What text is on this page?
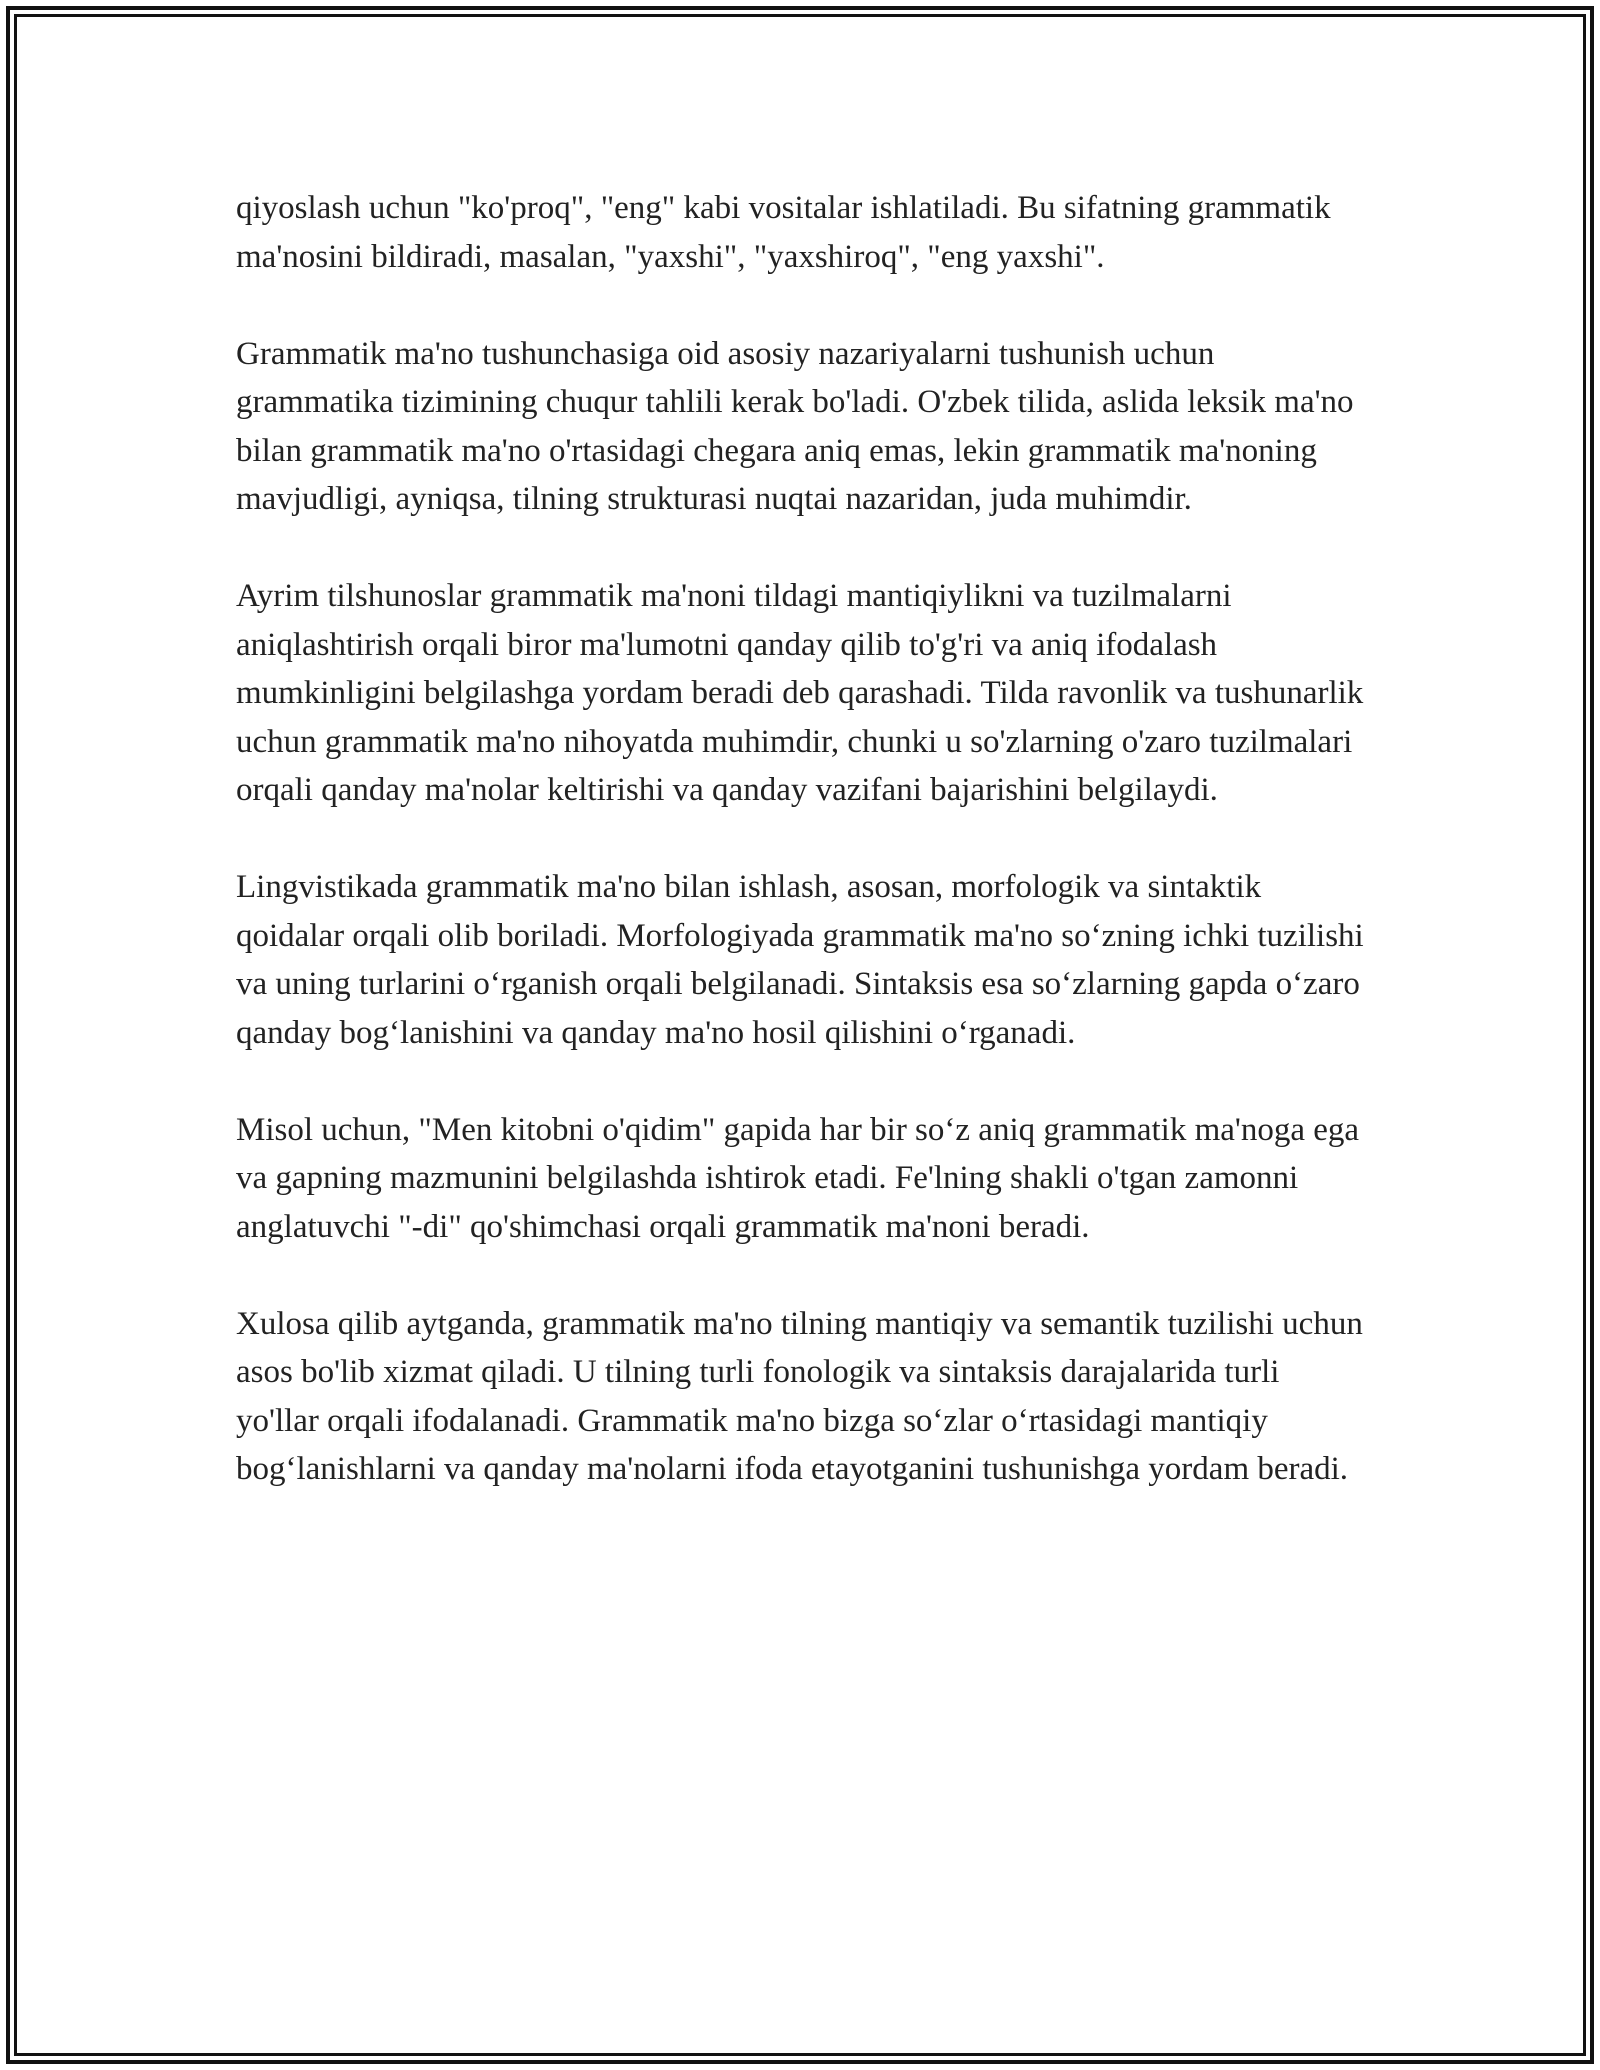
qiyoslash uchun "ko'proq", "eng" kabi vositalar ishlatiladi. Bu sifatning grammatik ma'nosini bildiradi, masalan, "yaxshi", "yaxshiroq", "eng yaxshi".

Grammatik ma'no tushunchasiga oid asosiy nazariyalarni tushunish uchun grammatika tizimining chuqur tahlili kerak bo'ladi. O'zbek tilida, aslida leksik ma'no bilan grammatik ma'no o'rtasidagi chegara aniq emas, lekin grammatik ma'noning mavjudligi, ayniqsa, tilning strukturasi nuqtai nazaridan, juda muhimdir.

Ayrim tilshunoslar grammatik ma'noni tildagi mantiqiylikni va tuzilmalarni aniqlashtirish orqali biror ma'lumotni qanday qilib to'g'ri va aniq ifodalash mumkinligini belgilashga yordam beradi deb qarashadi. Tilda ravonlik va tushunarlik uchun grammatik ma'no nihoyatda muhimdir, chunki u so'zlarning o'zaro tuzilmalari orqali qanday ma'nolar keltirishi va qanday vazifani bajarishini belgilaydi.

Lingvistikada grammatik ma'no bilan ishlash, asosan, morfologik va sintaktik qoidalar orqali olib boriladi. Morfologiyada grammatik ma'no so‘zning ichki tuzilishi va uning turlarini o‘rganish orqali belgilanadi. Sintaksis esa so‘zlarning gapda o‘zaro qanday bog‘lanishini va qanday ma'no hosil qilishini o‘rganadi.

Misol uchun, "Men kitobni o'qidim" gapida har bir so‘z aniq grammatik ma'noga ega va gapning mazmunini belgilashda ishtirok etadi. Fe'lning shakli o'tgan zamonni anglatuvchi "-di" qo'shimchasi orqali grammatik ma'noni beradi.

Xulosa qilib aytganda, grammatik ma'no tilning mantiqiy va semantik tuzilishi uchun asos bo'lib xizmat qiladi. U tilning turli fonologik va sintaksis darajalarida turli yo'llar orqali ifodalanadi. Grammatik ma'no bizga so‘zlar o‘rtasidagi mantiqiy bog‘lanishlarni va qanday ma'nolarni ifoda etayotganini tushunishga yordam beradi.
